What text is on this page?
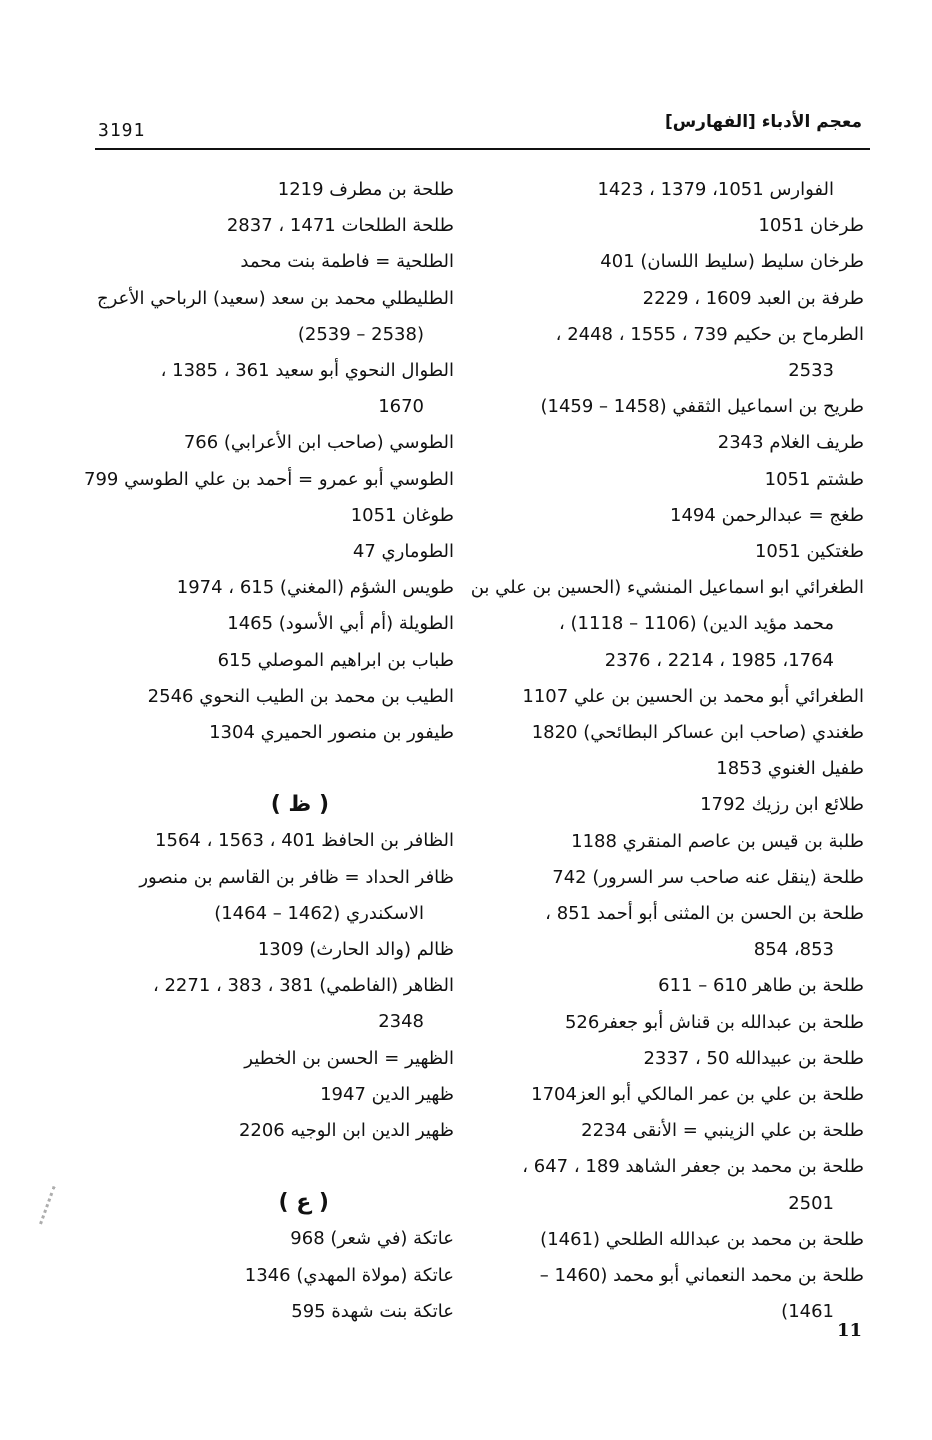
معجم الأدباء [الفهارس]
3191
الفوارس 1051، 1379 ، 1423
طرخان 1051
طرخان سليط (سليط اللسان) 401
طرفة بن العبد 1609 ، 2229
الطرماح بن حكيم 739 ، 1555 ، 2448 ،
2533
طريح بن اسماعيل الثقفي (1458 – 1459)
طريف الغلام 2343
طشتم 1051
طغج = عبدالرحمن 1494
طغتكين 1051
الطغرائي ابو اسماعيل المنشيء (الحسين بن علي بن
محمد مؤيد الدين) (1106 – 1118) ،
1764، 1985 ، 2214 ، 2376
الطغرائي أبو محمد بن الحسين بن علي 1107
طغندي (صاحب ابن عساكر البطائحي) 1820
طفيل الغنوي 1853
طلائع ابن رزيك 1792
طلبة بن قيس بن عاصم المنقري 1188
طلحة (ينقل عنه صاحب سر السرور) 742
طلحة بن الحسن بن المثنى أبو أحمد 851 ،
853، 854
طلحة بن طاهر 610 – 611
طلحة بن عبدالله بن قناش أبو جعفر526
طلحة بن عبيدالله 50 ، 2337
طلحة بن علي بن عمر المالكي أبو العز1704
طلحة بن علي الزينبي = الأنقى 2234
طلحة بن محمد بن جعفر الشاهد 189 ، 647 ،
2501
طلحة بن محمد بن عبدالله الطلحي (1461)
طلحة بن محمد النعماني أبو محمد (1460 –
1461)
طلحة بن مطرف 1219
طلحة الطلحات 1471 ، 2837
الطلحية = فاطمة بنت محمد
الطليطلي محمد بن سعد (سعيد) الرباحي الأعرج
(2538 – 2539)
الطوال النحوي أبو سعيد 361 ، 1385 ،
1670
الطوسي (صاحب ابن الأعرابي) 766
الطوسي أبو عمرو = أحمد بن علي الطوسي 799
طوغان 1051
الطوماري 47
طويس الشؤم (المغني) 615 ، 1974
الطويلة (أم أبي الأسود) 1465
طباب بن ابراهيم الموصلي 615
الطيب بن محمد بن الطيب النحوي 2546
طيفور بن منصور الحميري 1304
( ظ )
الظافر بن الحافظ 401 ، 1563 ، 1564
ظافر الحداد = ظافر بن القاسم بن منصور
الاسكندري (1462 – 1464)
ظالم (والد الحارث) 1309
الظاهر (الفاطمي) 381 ، 383 ، 2271 ،
2348
الظهير = الحسن بن الخطير
ظهير الدين 1947
ظهير الدين ابن الوجيه 2206
( ع )
عاتكة (في شعر) 968
عاتكة (مولاة المهدي) 1346
عاتكة بنت شهدة 595
11
